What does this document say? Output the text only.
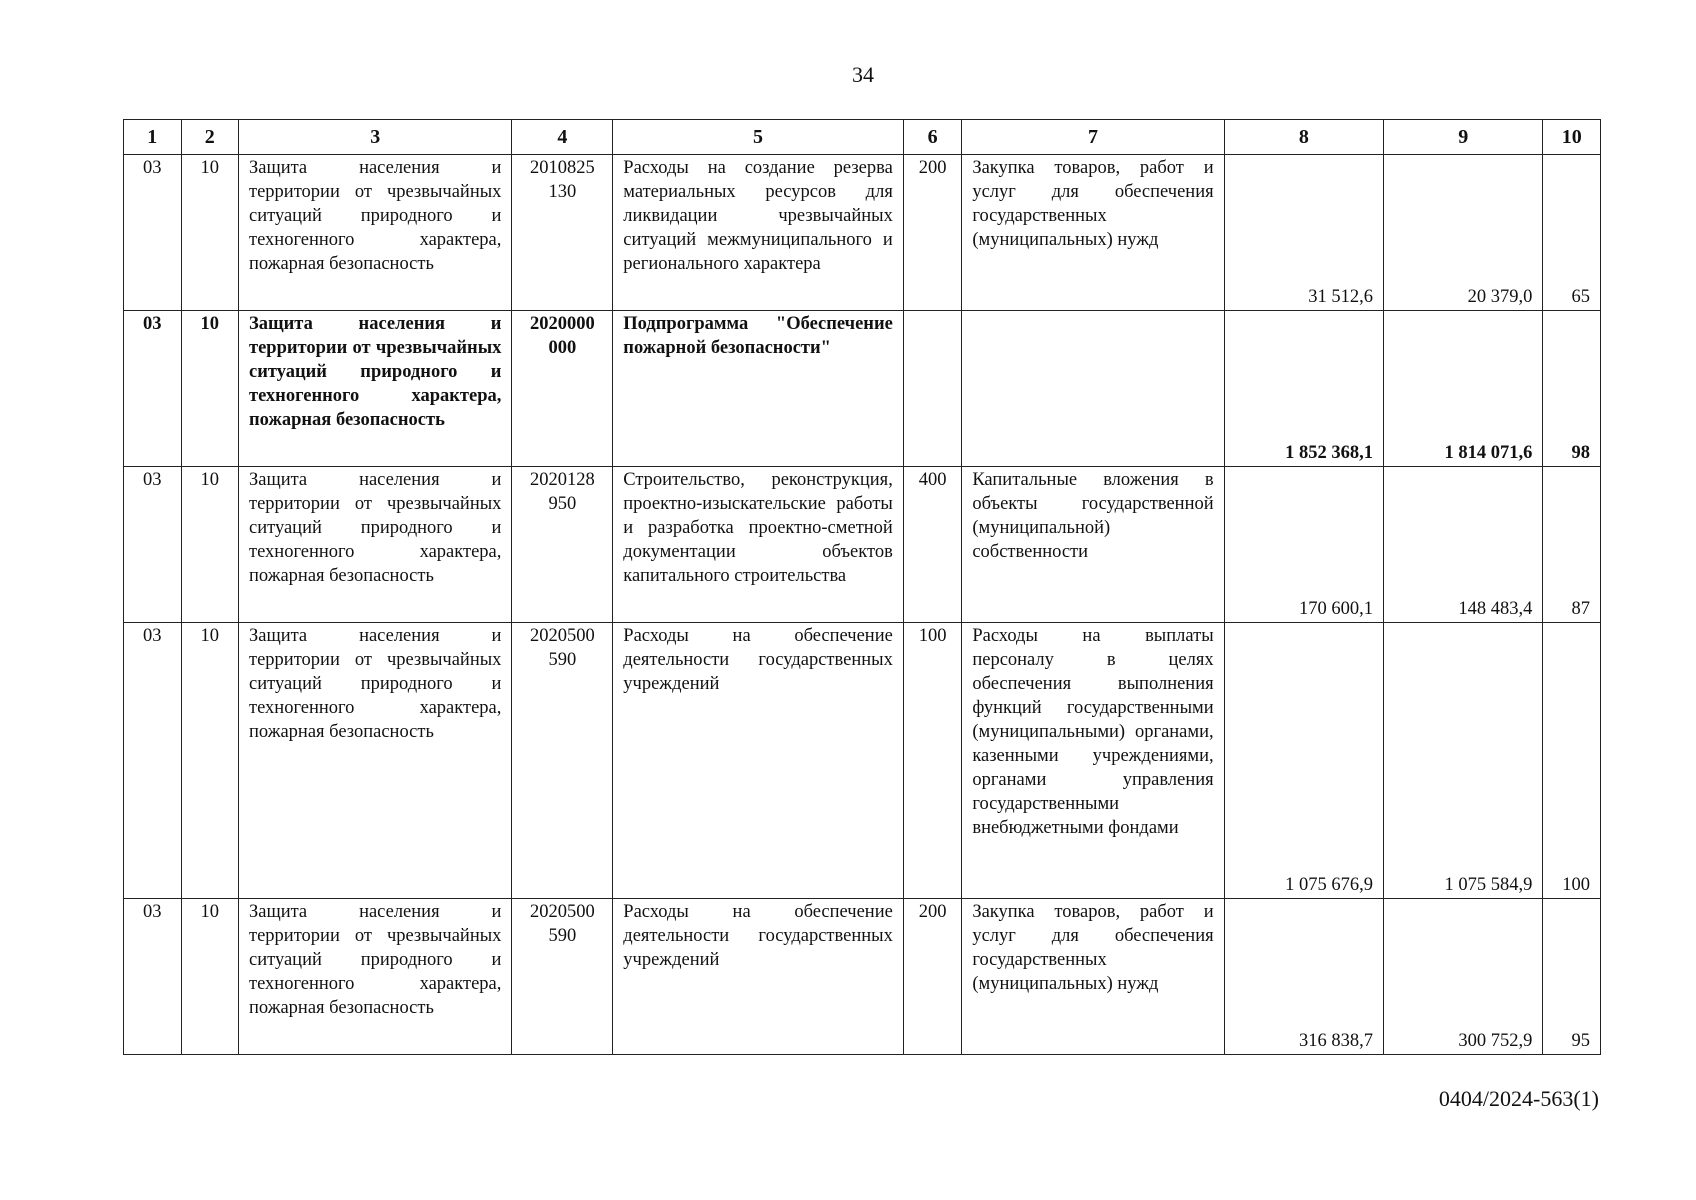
34
1	2	3	4	5	6	7	8	9	10
03	10	Защита населения и территории от чрезвычайных ситуаций природного и техногенного характера, пожарная безопасность	2010825 130	Расходы на создание резерва материальных ресурсов для ликвидации чрезвычайных ситуаций межмуниципального и регионального характера	200	Закупка товаров, работ и услуг для обеспечения государственных (муниципальных) нужд	31 512,6	20 379,0	65
03	10	Защита населения и территории от чрезвычайных ситуаций природного и техногенного характера, пожарная безопасность	2020000 000	Подпрограмма "Обеспечение пожарной безопасности"			1 852 368,1	1 814 071,6	98
03	10	Защита населения и территории от чрезвычайных ситуаций природного и техногенного характера, пожарная безопасность	2020128 950	Строительство, реконструкция, проектно-изыскательские работы и разработка проектно-сметной документации объектов капитального строительства	400	Капитальные вложения в объекты государственной (муниципальной) собственности	170 600,1	148 483,4	87
03	10	Защита населения и территории от чрезвычайных ситуаций природного и техногенного характера, пожарная безопасность	2020500 590	Расходы на обеспечение деятельности государственных учреждений	100	Расходы на выплаты персоналу в целях обеспечения выполнения функций государственными (муниципальными) органами, казенными учреждениями, органами управления государственными внебюджетными фондами	1 075 676,9	1 075 584,9	100
03	10	Защита населения и территории от чрезвычайных ситуаций природного и техногенного характера, пожарная безопасность	2020500 590	Расходы на обеспечение деятельности государственных учреждений	200	Закупка товаров, работ и услуг для обеспечения государственных (муниципальных) нужд	316 838,7	300 752,9	95
0404/2024-563(1)
